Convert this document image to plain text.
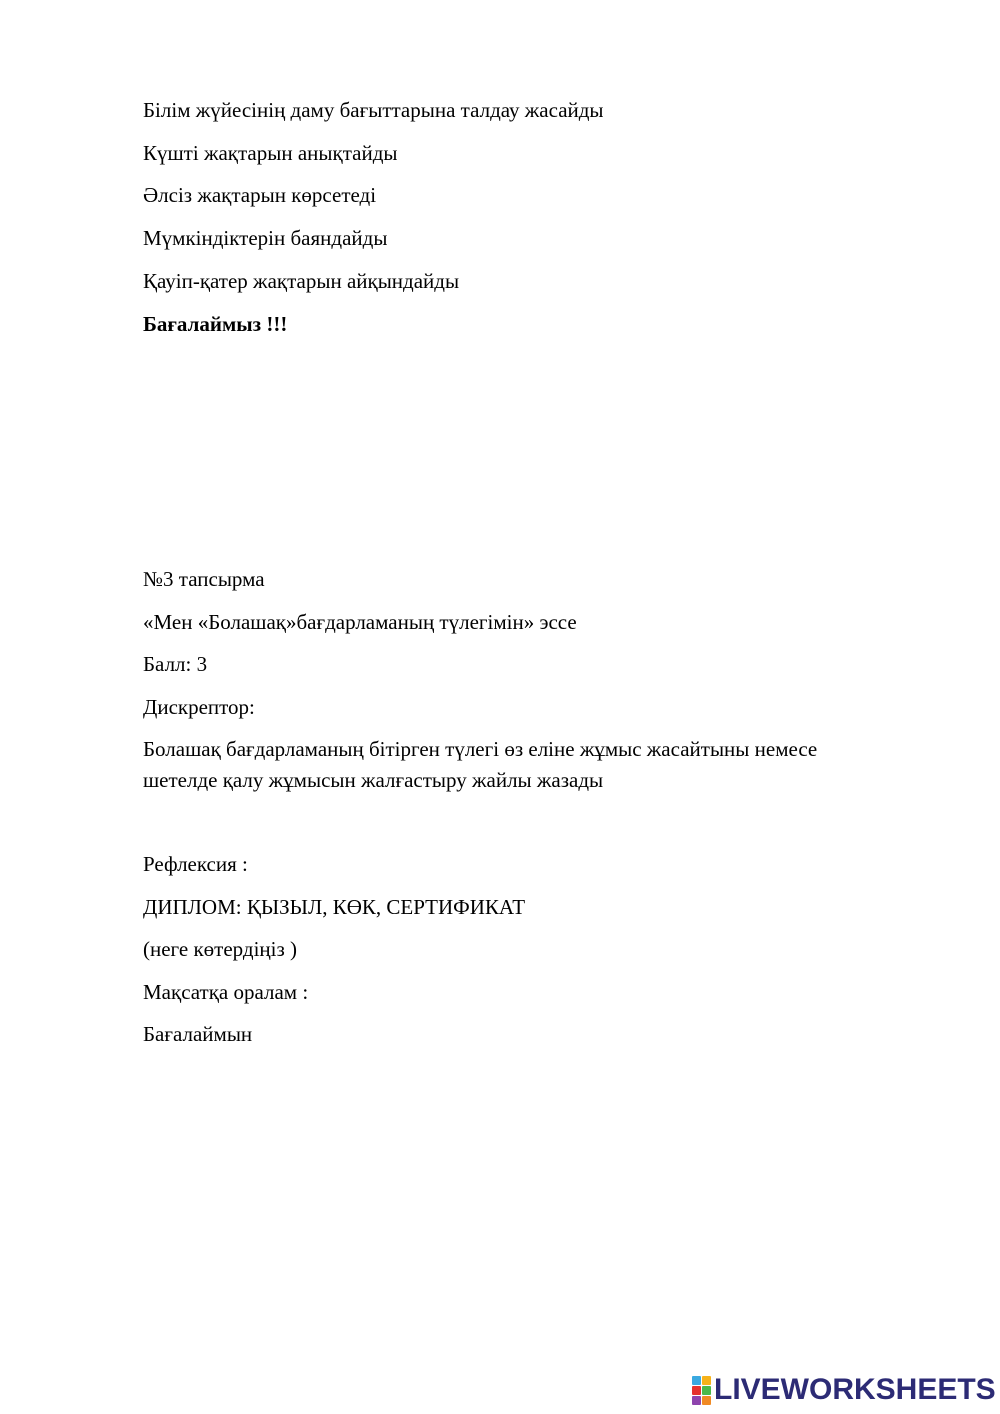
Білім жүйесінің даму бағыттарына талдау жасайды

Күшті жақтарын анықтайды

Әлсіз жақтарын көрсетеді

Мүмкіндіктерін баяндайды

Қауіп-қатер жақтарын айқындайды

Бағалаймыз !!!

№3 тапсырма

«Мен «Болашақ»бағдарламаның түлегімін» эссе

Балл: 3

Дискрептор:

Болашақ бағдарламаның бітірген түлегі өз еліне жұмыс жасайтыны немесе

шетелде қалу жұмысын жалғастыру жайлы жазады

Рефлексия :

ДИПЛОМ: ҚЫЗЫЛ, КӨК, СЕРТИФИКАТ

(неге көтердіңіз )

Мақсатқа оралам :

Бағалаймын

LIVEWORKSHEETS
